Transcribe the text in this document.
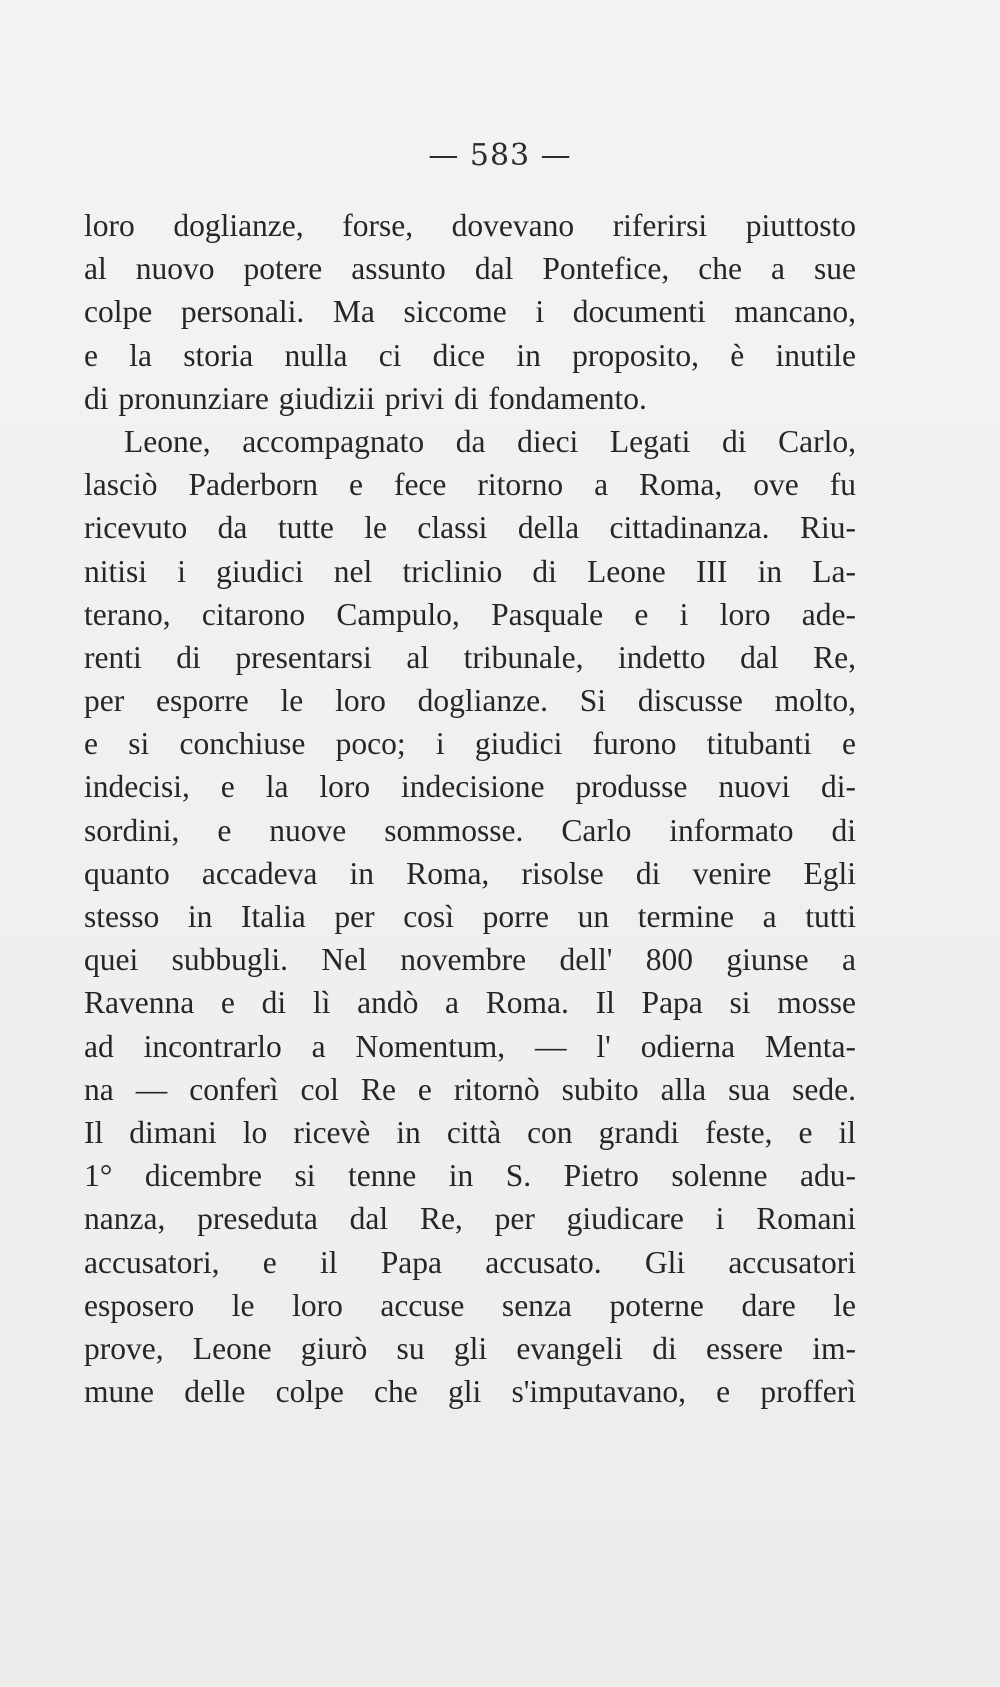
— 583 —
loro doglianze, forse, dovevano riferirsi piuttosto
al nuovo potere assunto dal Pontefice, che a sue
colpe personali. Ma siccome i documenti mancano,
e la storia nulla ci dice in proposito, è inutile
di pronunziare giudizii privi di fondamento.
Leone, accompagnato da dieci Legati di Carlo,
lasciò Paderborn e fece ritorno a Roma, ove fu
ricevuto da tutte le classi della cittadinanza. Riu-
nitisi i giudici nel triclinio di Leone III in La-
terano, citarono Campulo, Pasquale e i loro ade-
renti di presentarsi al tribunale, indetto dal Re,
per esporre le loro doglianze. Si discusse molto,
e si conchiuse poco; i giudici furono titubanti e
indecisi, e la loro indecisione produsse nuovi di-
sordini, e nuove sommosse. Carlo informato di
quanto accadeva in Roma, risolse di venire Egli
stesso in Italia per così porre un termine a tutti
quei subbugli. Nel novembre dell' 800 giunse a
Ravenna e di lì andò a Roma. Il Papa si mosse
ad incontrarlo a Nomentum, — l' odierna Menta-
na — conferì col Re e ritornò subito alla sua sede.
Il dimani lo ricevè in città con grandi feste, e il
1° dicembre si tenne in S. Pietro solenne adu-
nanza, preseduta dal Re, per giudicare i Romani
accusatori, e il Papa accusato. Gli accusatori
esposero le loro accuse senza poterne dare le
prove, Leone giurò su gli evangeli di essere im-
mune delle colpe che gli s'imputavano, e profferì
